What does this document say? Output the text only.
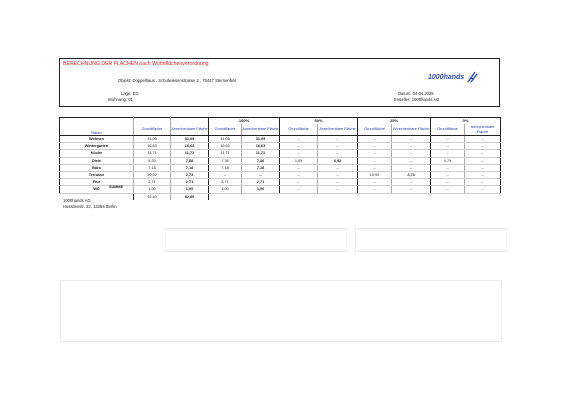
BERECHNUNG DER FLÄCHEN nach Wohnflächenverordnung
Objekt: Doppelhaus , Schulwiesenstrasse 2 , 75447 Sternenfels
Lage: EG
Wohnung: 01
Datum: 04.04.2025
Ersteller: 1000hands AG
1000hands
			100%		50%		25%		0%	
Raum	Grundfläche	Anrechenbare Fläche	Grundfläche	Anrechenbare Fläche	Grundfläche	Anrechenbare Fläche	Grundfläche	Anrechenbare Fläche	Grundfläche	Anrechenbare Fläche
Wohnen	31,05	31,05	31,05	31,05	--	--	--	--	--	--
Wintergarten	16,63	16,63	16,63	16,63	--	--	--	--	--	--
Küche	11,71	11,71	11,71	11,71	--	--	--	--	--	--
Diele	9,20	7,88	7,36	7,36	1,05	0,52	--	--	0,79	--
Büro	7,18	7,18	7,18	7,18	--	--	--	--	--	--
Terrasse	10,92	2,73	--	--	--	--	10,92	2,73	--	--
Flur	2,71	2,71	2,71	2,71	--	--	--	--	--	--
WC	1,00	1,00	1,00	1,00	--	--	--	--	--	--
	92,40	82,89								
SUMME
1000hands AG
Hussitenstr. 32, 13355 Berlin
